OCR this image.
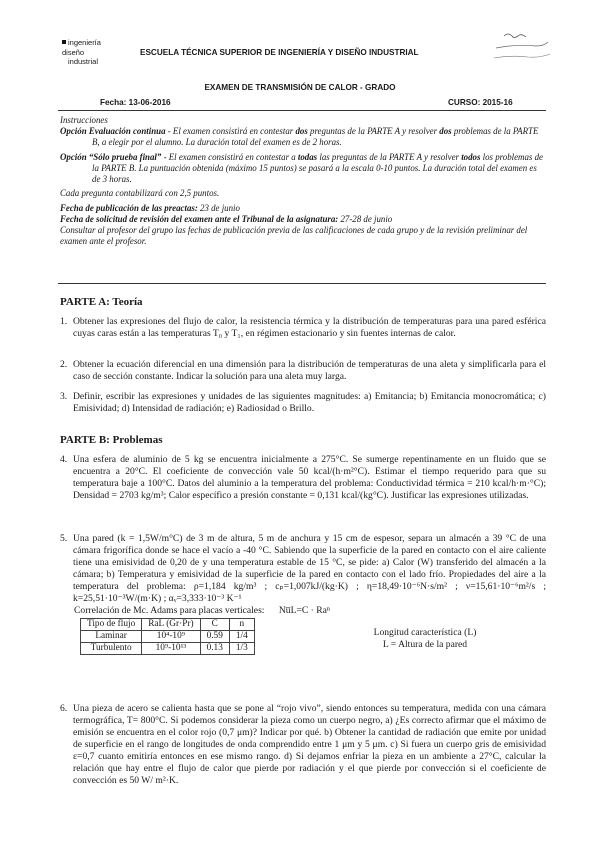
ingeniería
diseño
industrial
ESCUELA TÉCNICA SUPERIOR DE INGENIERÍA Y DISEÑO INDUSTRIAL
EXAMEN DE TRANSMISIÓN DE CALOR - GRADO
Fecha: 13-06-2016	CURSO: 2015-16

Instrucciones

Opción Evaluación continua - El examen consistirá en contestar dos preguntas de la PARTE A y resolver dos problemas de la PARTE B, a elegir por el alumno. La duración total del examen es de 2 horas.

Opción “Sólo prueba final” - El examen consistirá en contestar a todas las preguntas de la PARTE A y resolver todos los problemas de la PARTE B. La puntuación obtenida (máximo 15 puntos) se pasará a la escala 0-10 puntos. La duración total del examen es de 3 horas.

Cada pregunta contabilizará con 2,5 puntos.

Fecha de publicación de las preactas: 23 de junio

Fecha de solicitud de revisión del examen ante el Tribunal de la asignatura: 27-28 de junio

Consultar al profesor del grupo las fechas de publicación previa de las calificaciones de cada grupo y de la revisión preliminar del examen ante el profesor.

PARTE A: Teoría
1. Obtener las expresiones del flujo de calor, la resistencia térmica y la distribución de temperaturas para una pared esférica cuyas caras están a las temperaturas T₀ y T₁, en régimen estacionario y sin fuentes internas de calor.
2. Obtener la ecuación diferencial en una dimensión para la distribución de temperaturas de una aleta y simplificarla para el caso de sección constante. Indicar la solución para una aleta muy larga.
3. Definir, escribir las expresiones y unidades de las siguientes magnitudes: a) Emitancia; b) Emitancia monocromática; c) Emisividad; d) Intensidad de radiación; e) Radiosidad o Brillo.
PARTE B: Problemas
4. Una esfera de aluminio de 5 kg se encuentra inicialmente a 275°C. Se sumerge repentinamente en un fluido que se encuentra a 20°C. El coeficiente de convección vale 50 kcal/(h·m²°C). Estimar el tiempo requerido para que su temperatura baje a 100°C. Datos del aluminio a la temperatura del problema: Conductividad térmica = 210 kcal/h·m·°C); Densidad = 2703 kg/m³; Calor específico a presión constante = 0,131 kcal/(kg°C). Justificar las expresiones utilizadas.
5. Una pared (k = 1,5W/m°C) de 3 m de altura, 5 m de anchura y 15 cm de espesor, separa un almacén a 39 °C de una cámara frigorífica donde se hace el vacío a -40 °C. Sabiendo que la superficie de la pared en contacto con el aire caliente tiene una emisividad de 0,20 de y una temperatura estable de 15 °C, se pide: a) Calor (W) transferido del almacén a la cámara; b) Temperatura y emisividad de la superficie de la pared en contacto con el lado frío. Propiedades del aire a la temperatura del problema: ρ=1,184 kg/m³ ; cₚ=1,007kJ/(kg·K) ; η=18,49·10⁻⁶N·s/m² ; ν=15,61·10⁻⁶m²/s ; k=25,51·10⁻³W/(m·K) ; αᵥ=3,333·10⁻³ K⁻¹
Correlación de Mc. Adams para placas verticales: Nu̅L=C · Raⁿ
Tipo de flujo	RaL (Gr·Pr)	C	n
Laminar	10⁴-10⁹	0.59	1/4
Turbulento	10⁹-10¹³	0.13	1/3
Longitud característica (L)
L = Altura de la pared
6. Una pieza de acero se calienta hasta que se pone al “rojo vivo”, siendo entonces su temperatura, medida con una cámara termográfica, T= 800°C. Si podemos considerar la pieza como un cuerpo negro, a) ¿Es correcto afirmar que el máximo de emisión se encuentra en el color rojo (0,7 μm)? Indicar por qué. b) Obtener la cantidad de radiación que emite por unidad de superficie en el rango de longitudes de onda comprendido entre 1 μm y 5 μm. c) Si fuera un cuerpo gris de emisividad ε=0,7 cuanto emitiría entonces en ese mismo rango. d) Si dejamos enfriar la pieza en un ambiente a 27°C, calcular la relación que hay entre el flujo de calor que pierde por radiación y el que pierde por convección si el coeficiente de convección es 50 W/ m²·K.
